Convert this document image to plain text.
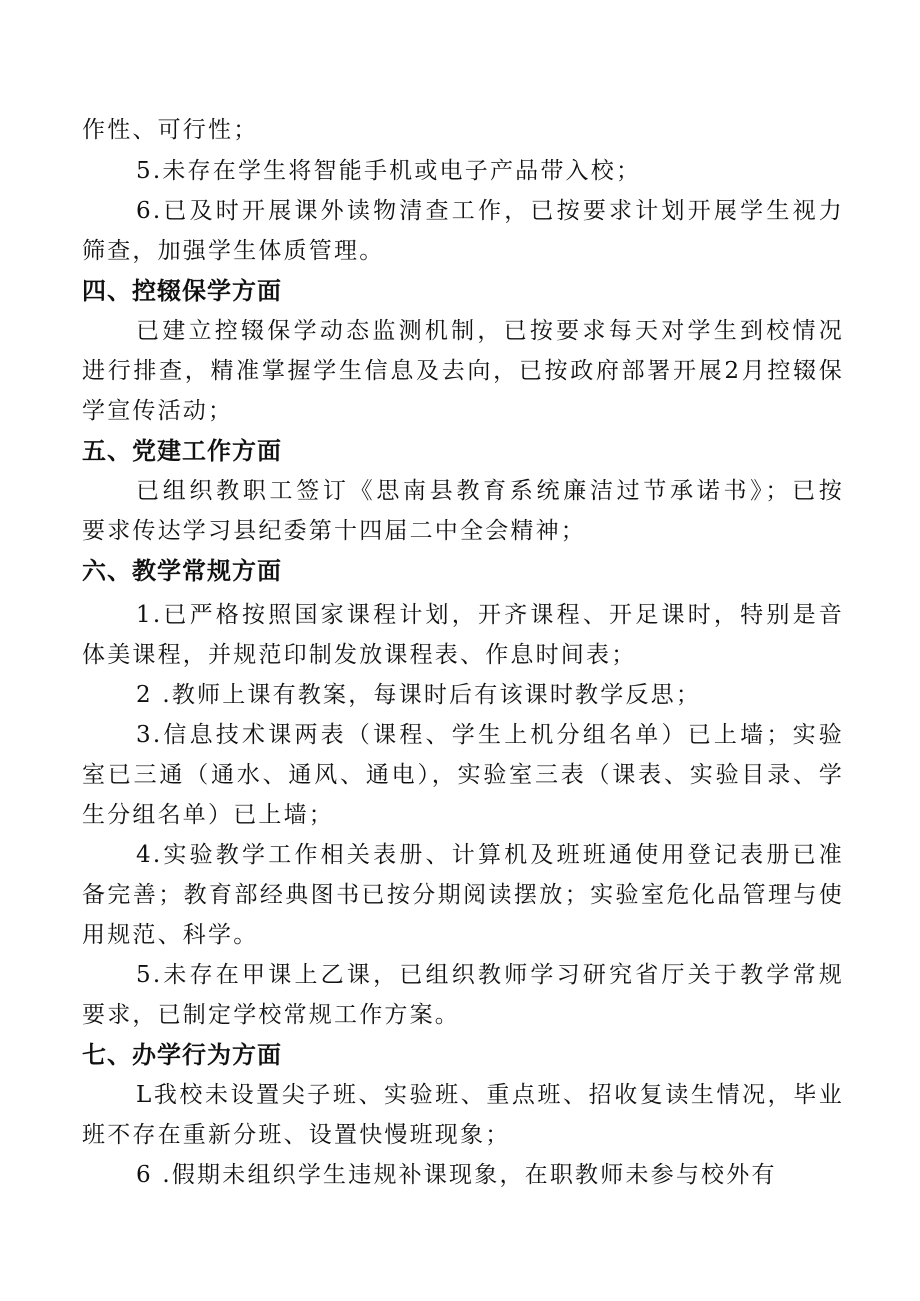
作性、可行性；
5.未存在学生将智能手机或电子产品带入校；
6.已及时开展课外读物清查工作，已按要求计划开展学生视力
筛查，加强学生体质管理。
四、控辍保学方面
已建立控辍保学动态监测机制，已按要求每天对学生到校情况
进行排查，精准掌握学生信息及去向，已按政府部署开展2月控辍保
学宣传活动；
五、党建工作方面
已组织教职工签订《思南县教育系统廉洁过节承诺书》；已按
要求传达学习县纪委第十四届二中全会精神；
六、教学常规方面
1.已严格按照国家课程计划，开齐课程、开足课时，特别是音
体美课程，并规范印制发放课程表、作息时间表；
2 .教师上课有教案，每课时后有该课时教学反思；
3.信息技术课两表（课程、学生上机分组名单）已上墙；实验
室已三通（通水、通风、通电），实验室三表（课表、实验目录、学
生分组名单）已上墙；
4.实验教学工作相关表册、计算机及班班通使用登记表册已准
备完善；教育部经典图书已按分期阅读摆放；实验室危化品管理与使
用规范、科学。
5.未存在甲课上乙课，已组织教师学习研究省厅关于教学常规
要求，已制定学校常规工作方案。
七、办学行为方面
L我校未设置尖子班、实验班、重点班、招收复读生情况，毕业
班不存在重新分班、设置快慢班现象；
6 .假期未组织学生违规补课现象，在职教师未参与校外有
